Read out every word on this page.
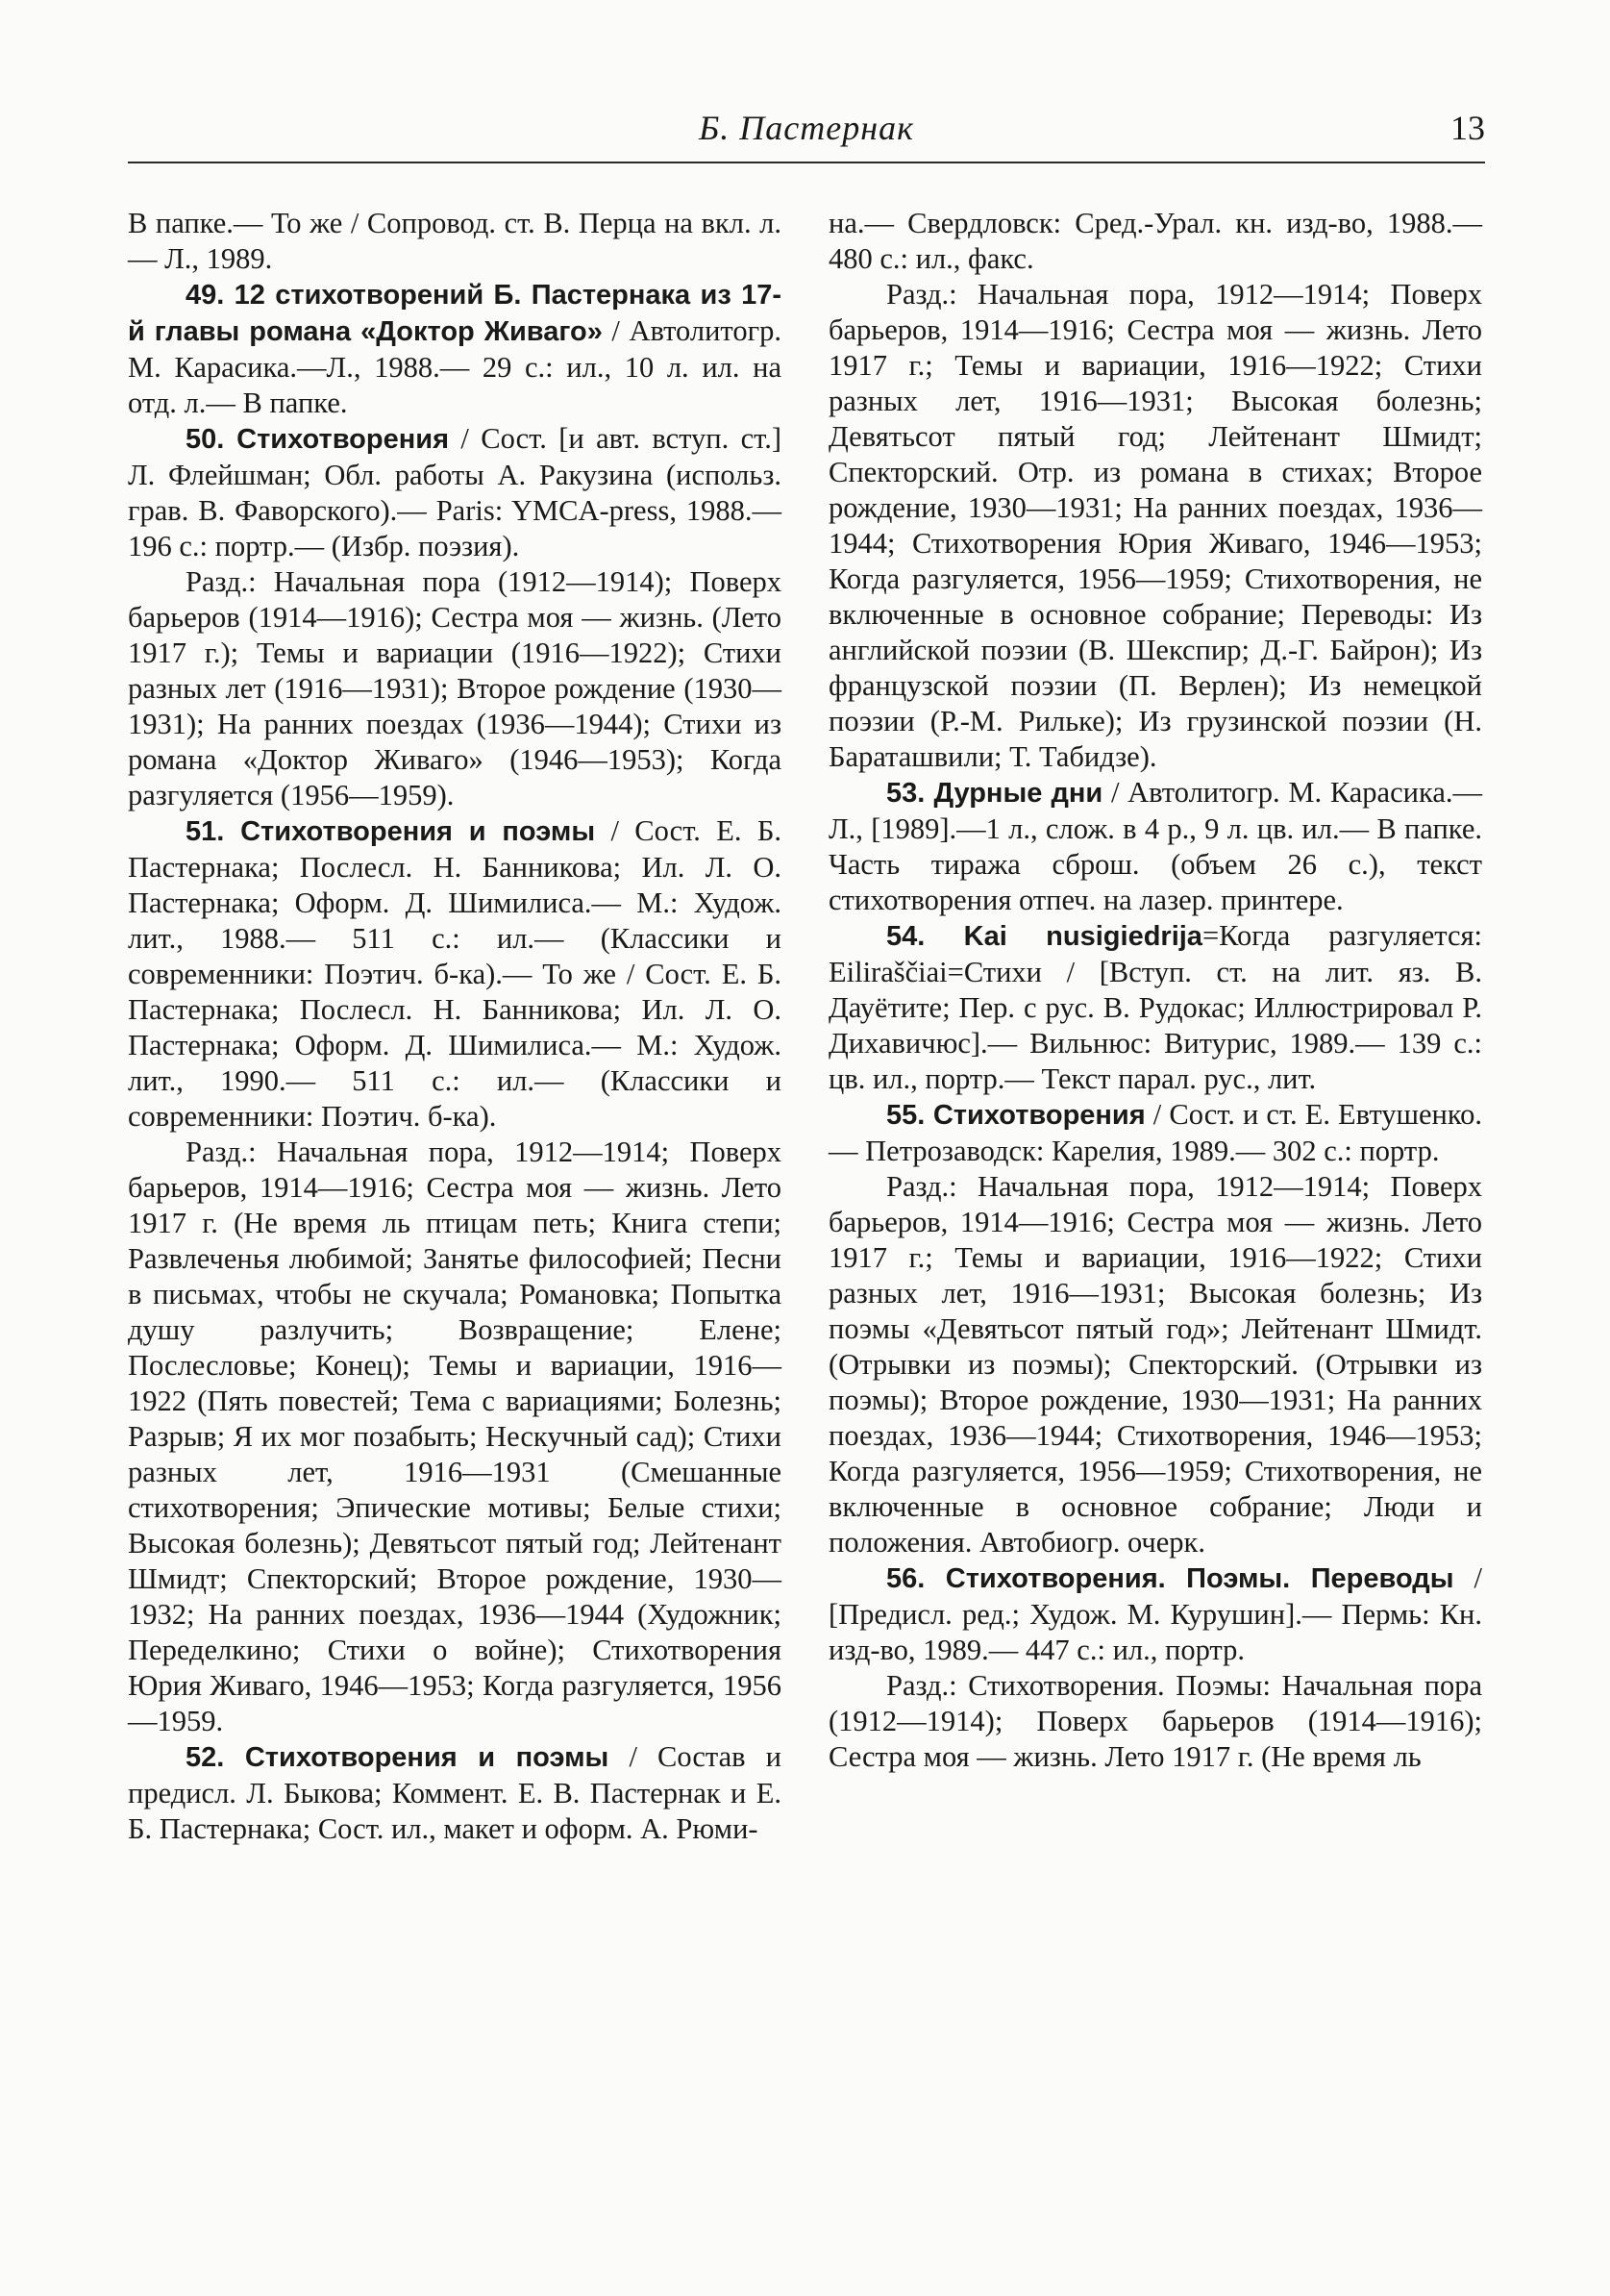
Б. Пастернак	13

В папке.— То же / Сопровод. ст. В. Перца на вкл. л.— Л., 1989.

49. 12 стихотворений Б. Пастернака из 17-й главы романа «Доктор Живаго» / Автолитогр. М. Карасика.—Л., 1988.— 29 с.: ил., 10 л. ил. на отд. л.— В папке.

50. Стихотворения / Сост. [и авт. вступ. ст.] Л. Флейшман; Обл. работы А. Ракузина (использ. грав. В. Фаворского).— Paris: YMCA-press, 1988.— 196 с.: портр.— (Избр. поэзия).

Разд.: Начальная пора (1912—1914); Поверх барьеров (1914—1916); Сестра моя — жизнь. (Лето 1917 г.); Темы и вариации (1916—1922); Стихи разных лет (1916—1931); Второе рождение (1930—1931); На ранних поездах (1936—1944); Стихи из романа «Доктор Живаго» (1946—1953); Когда разгуляется (1956—1959).

51. Стихотворения и поэмы / Сост. Е. Б. Пастернака; Послесл. Н. Банникова; Ил. Л. О. Пастернака; Оформ. Д. Шимилиса.— М.: Худож. лит., 1988.— 511 с.: ил.— (Классики и современники: Поэтич. б-ка).— То же / Сост. Е. Б. Пастернака; Послесл. Н. Банникова; Ил. Л. О. Пастернака; Оформ. Д. Шимилиса.— М.: Худож. лит., 1990.— 511 с.: ил.— (Классики и современники: Поэтич. б-ка).

Разд.: Начальная пора, 1912—1914; Поверх барьеров, 1914—1916; Сестра моя — жизнь. Лето 1917 г. (Не время ль птицам петь; Книга степи; Развлеченья любимой; Занятье философией; Песни в письмах, чтобы не скучала; Романовка; Попытка душу разлучить; Возвращение; Елене; Послесловье; Конец); Темы и вариации, 1916—1922 (Пять повестей; Тема с вариациями; Болезнь; Разрыв; Я их мог позабыть; Нескучный сад); Стихи разных лет, 1916—1931 (Смешанные стихотворения; Эпические мотивы; Белые стихи; Высокая болезнь); Девятьсот пятый год; Лейтенант Шмидт; Спекторский; Второе рождение, 1930—1932; На ранних поездах, 1936—1944 (Художник; Переделкино; Стихи о войне); Стихотворения Юрия Живаго, 1946—1953; Когда разгуляется, 1956—1959.

52. Стихотворения и поэмы / Состав и предисл. Л. Быкова; Коммент. Е. В. Пастернак и Е. Б. Пастернака; Сост. ил., макет и оформ. А. Рюми-

на.— Свердловск: Сред.-Урал. кн. изд-во, 1988.— 480 с.: ил., факс.

Разд.: Начальная пора, 1912—1914; Поверх барьеров, 1914—1916; Сестра моя — жизнь. Лето 1917 г.; Темы и вариации, 1916—1922; Стихи разных лет, 1916—1931; Высокая болезнь; Девятьсот пятый год; Лейтенант Шмидт; Спекторский. Отр. из романа в стихах; Второе рождение, 1930—1931; На ранних поездах, 1936—1944; Стихотворения Юрия Живаго, 1946—1953; Когда разгуляется, 1956—1959; Стихотворения, не включенные в основное собрание; Переводы: Из английской поэзии (В. Шекспир; Д.-Г. Байрон); Из французской поэзии (П. Верлен); Из немецкой поэзии (Р.-М. Рильке); Из грузинской поэзии (Н. Бараташвили; Т. Табидзе).

53. Дурные дни / Автолитогр. М. Карасика.— Л., [1989].—1 л., слож. в 4 р., 9 л. цв. ил.— В папке. Часть тиража сброш. (объем 26 с.), текст стихотворения отпеч. на лазер. принтере.

54. Kai nusigiedrija=Когда разгуляется: Eiliraščiai=Стихи / [Вступ. ст. на лит. яз. В. Дауётите; Пер. с рус. В. Рудокас; Иллюстрировал Р. Дихавичюс].— Вильнюс: Витурис, 1989.— 139 с.: цв. ил., портр.— Текст парал. рус., лит.

55. Стихотворения / Сост. и ст. Е. Евтушенко.— Петрозаводск: Карелия, 1989.— 302 с.: портр.

Разд.: Начальная пора, 1912—1914; Поверх барьеров, 1914—1916; Сестра моя — жизнь. Лето 1917 г.; Темы и вариации, 1916—1922; Стихи разных лет, 1916—1931; Высокая болезнь; Из поэмы «Девятьсот пятый год»; Лейтенант Шмидт. (Отрывки из поэмы); Спекторский. (Отрывки из поэмы); Второе рождение, 1930—1931; На ранних поездах, 1936—1944; Стихотворения, 1946—1953; Когда разгуляется, 1956—1959; Стихотворения, не включенные в основное собрание; Люди и положения. Автобиогр. очерк.

56. Стихотворения. Поэмы. Переводы / [Предисл. ред.; Худож. М. Курушин].— Пермь: Кн. изд-во, 1989.— 447 с.: ил., портр.

Разд.: Стихотворения. Поэмы: Начальная пора (1912—1914); Поверх барьеров (1914—1916); Сестра моя — жизнь. Лето 1917 г. (Не время ль
